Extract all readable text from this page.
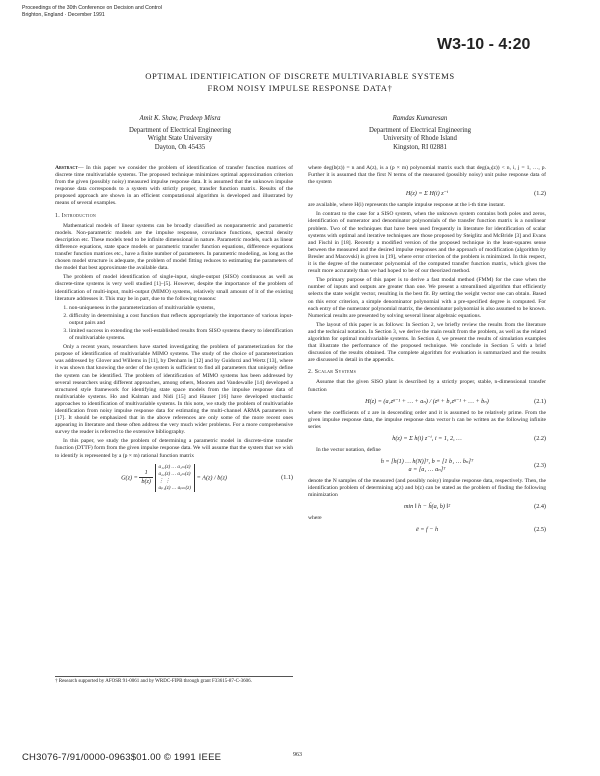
Proceedings of the 30th Conference on Decision and Control Brighton, England · December 1991
W3-10 - 4:20
OPTIMAL IDENTIFICATION OF DISCRETE MULTIVARIABLE SYSTEMS
FROM NOISY IMPULSE RESPONSE DATA†
Amit K. Shaw, Pradeep Misra
Department of Electrical Engineering
Wright State University
Dayton, Oh 45435
Ramdas Kumaresan
Department of Electrical Engineering
University of Rhode Island
Kingston, RI 02881

Abstract— In this paper we consider the problem of identification of transfer function matrices of discrete time multivariable systems. The proposed technique minimizes optimal approximation criterion from the given (possibly noisy) measured impulse response data. It is assumed that the unknown impulse response data corresponds to a system with strictly proper, transfer function matrix. Results of the proposed approach are shown in an efficient computational algorithm is developed and illustrated by means of several examples.

1. Introduction

Mathematical models of linear systems can be broadly classified as nonparametric and parametric models. Non-parametric models are the impulse response, covariance functions, spectral density description etc. These models tend to be infinite dimensional in nature. Parametric models, such as linear difference equations, state space models or parametric transfer function equations, difference equations transfer function matrices etc., have a finite number of parameters. In parametric modeling, as long as the chosen model structure is adequate, the problem of model fitting reduces to estimating the parameters of the model that best approximate the available data.

The problem of model identification of single-input, single-output (SISO) continuous as well as discrete-time systems is very well studied [1]–[5]. However, despite the importance of the problem of identification of multi-input, multi-output (MIMO) systems, relatively small amount of it of the existing literature addresses it. This may be in part, due to the following reasons:

1. non-uniqueness in the parameterization of multivariable systems,
2. difficulty in determining a cost function that reflects appropriately the importance of various input-output pairs and
3. limited success in extending the well-established results from SISO systems theory to identification of multivariable systems.

Only a recent years, researchers have started investigating the problem of parameterization for the purpose of identification of multivariable MIMO systems. The study of the choice of parameterization was addressed by Glover and Willems in [11], by Denham in [12] and by Guidorzi and Wertz [13], where it was shown that knowing the order of the system is sufficient to find all parameters that uniquely define the system can be identified. The problem of identification of MIMO systems has been addressed by several researchers using different approaches, among others, Moonen and Vandewalle [14] developed a structured style framework for identifying state space models from the impulse response data of multivariable systems. Ho and Kalman and Nidi [15] and Hauser [16] have developed stochastic approaches to identification of multivariable systems. In this note, we study the problem of multivariable identification from noisy impulse response data for estimating the multi-channel ARMA parameters in [17]. It should be emphasized that in the above references are only some of the more recent ones appearing in literature and these often address the very much wider problems. For a more comprehensive survey the reader is referred to the extensive bibliography.

In this paper, we study the problem of determining a parametric model in discrete-time transfer function (DTTF) form from the given impulse response data. We will assume that the system that we wish to identify is represented by a (p × m) rational function matrix

$G(z) = \frac{1}{b(z)}$

a₁₁(z) … a₁ₘ(z)
a₂₁(z) … a₂ₘ(z)
⋮ ⋮
aₚ₁(z) … aₚₘ(z)
= A(z) / b(z)	(1.1)

where deg(b(z)) = n and A(z), is a (p × m) polynomial matrix such that deg(aᵢⱼ(z)) < n, i, j = 1, …, p. Further it is assumed that the first N terms of the measured (possibly noisy) unit pulse response data of the system

H(z) = Σ H(i) z⁻ⁱ	(1.2)

are available, where H(i) represents the sample impulse response at the i-th time instant.

In contrast to the case for a SISO system, when the unknown system contains both poles and zeros, identification of numerator and denominator polynomials of the transfer function matrix is a nonlinear problem. Two of the techniques that have been used frequently in literature for identification of scalar systems with optimal and iterative techniques are those proposed by Steiglitz and McBride [3] and Evans and Fischl in [18]. Recently a modified version of the proposed technique in the least-squares sense between the measured and the desired impulse responses and the approach of modification (algorithm by Bresler and Macovski) is given in [19], where error criterion of the problem is minimized. In this respect, it is the degree of the numerator polynomial of the computed transfer function matrix, which gives the result more accurately than we had hoped to be of our theorized method.

The primary purpose of this paper is to derive a fast modal method (FMM) for the case when the number of inputs and outputs are greater than one. We present a streamlined algorithm that efficiently selects the state weight vector, resulting in the best fit. By setting the weight vector one can obtain. Based on this error criterion, a simple denominator polynomial with a pre-specified degree is computed. For each entry of the numerator polynomial matrix, the denominator polynomial is also assumed to be known. Numerical results are presented by solving several linear algebraic equations.

The layout of this paper is as follows: In Section 2, we briefly review the results from the literature and the technical notation. In Section 3, we derive the main result from the problem, as well as the related algorithm for optimal multivariable systems. In Section 4, we present the results of simulation examples that illustrate the performance of the proposed technique. We conclude in Section 5 with a brief discussion of the results obtained. The complete algorithm for evaluation is summarized and the results are discussed in detail in the appendix.

2. Scalar Systems

Assume that the given SISO plant is described by a strictly proper, stable, n-dimensional transfer function

H(z) = (a₁zⁿ⁻¹ + … + aₙ) / (zⁿ + b₁zⁿ⁻¹ + … + bₙ)	(2.1)

where the coefficients of z are in descending order and it is assumed to be relatively prime. From the given impulse response data, the impulse response data vector h can be written as the following infinite series

h(z) = Σ h(i) z⁻ⁱ, i = 1, 2, …	(2.2)

In the vector notation, define

h = [h(1) … h(N)]ᵀ, b = [1 b₁ … bₙ]ᵀ
a = [a₁ … aₙ]ᵀ
(2.3)

denote the N samples of the measured (and possibly noisy) impulse response data, respectively. Then, the identification problem of determining a(z) and b(z) can be stated as the problem of finding the following minimization

min ‖ h − ĥ(a, b) ‖²	(2.4)

where

ē = f − h	(2.5)
† Research supported by AFOSR 91-0061 and by WRDC-FIPB through grant F33615-87-C-3606.
CH3076-7/91/0000-0963$01.00 © 1991 IEEE	963
